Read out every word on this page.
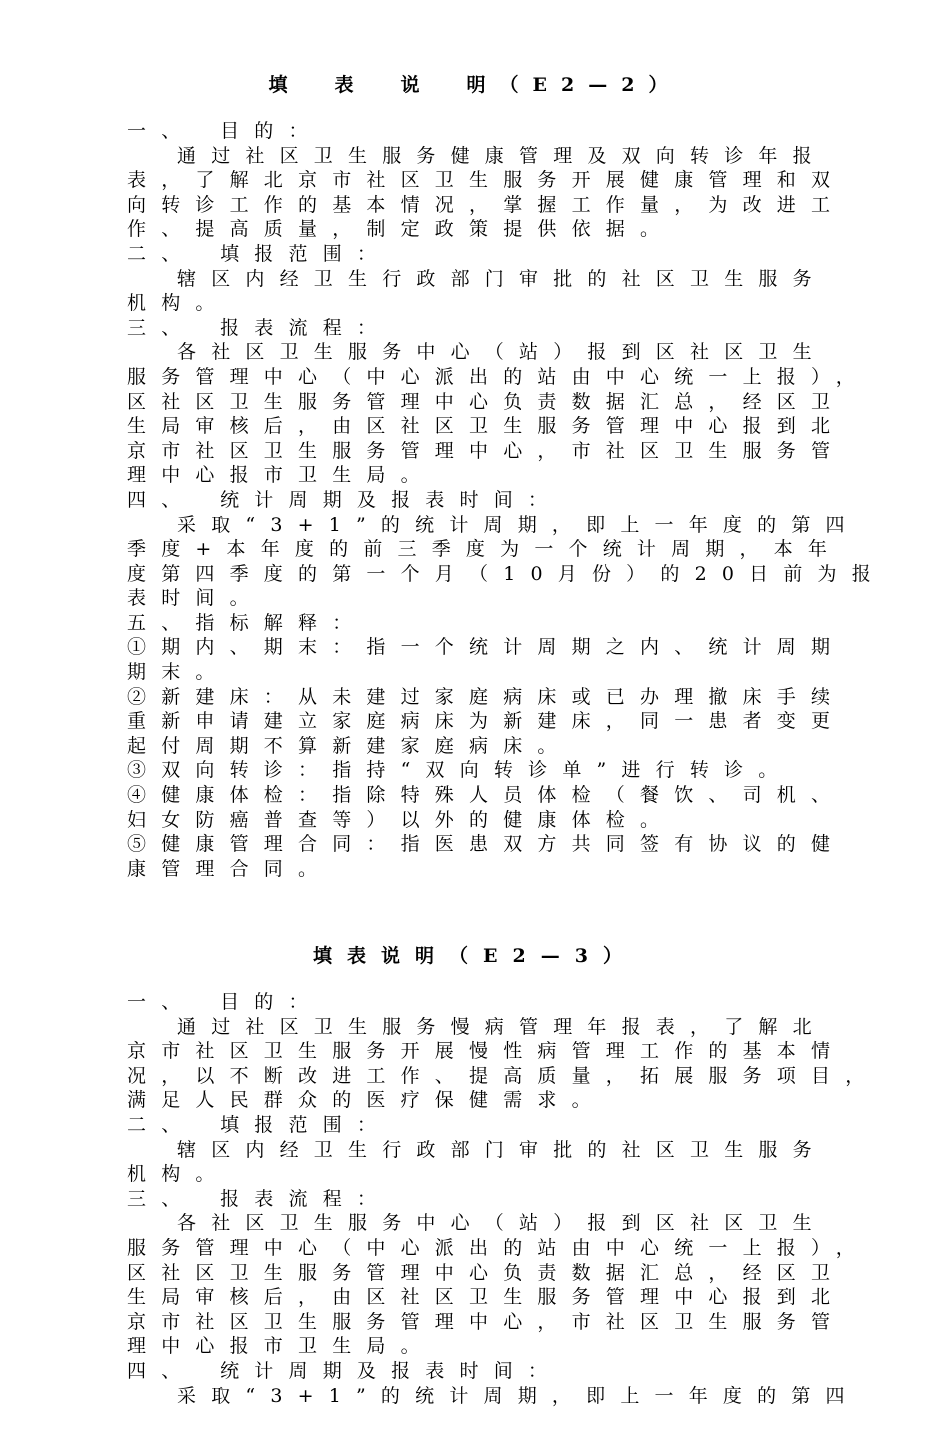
填　表　说　明（E2—2）
一、　目的：
通过社区卫生服务健康管理及双向转诊年报
表，了解北京市社区卫生服务开展健康管理和双
向转诊工作的基本情况，掌握工作量，为改进工
作、提高质量，制定政策提供依据。
二、　填报范围：
辖区内经卫生行政部门审批的社区卫生服务
机构。
三、　报表流程：
各社区卫生服务中心（站）报到区社区卫生
服务管理中心（中心派出的站由中心统一上报），
区社区卫生服务管理中心负责数据汇总，经区卫
生局审核后，由区社区卫生服务管理中心报到北
京市社区卫生服务管理中心，市社区卫生服务管
理中心报市卫生局。
四、　统计周期及报表时间：
采取“3+1”的统计周期，即上一年度的第四
季度+本年度的前三季度为一个统计周期，本年
度第四季度的第一个月（10月份）的20日前为报
表时间。
五、指标解释：
①期内、期末：指一个统计周期之内、统计周期
期末。
②新建床：从未建过家庭病床或已办理撤床手续
重新申请建立家庭病床为新建床，同一患者变更
起付周期不算新建家庭病床。
③双向转诊：指持“双向转诊单”进行转诊。
④健康体检：指除特殊人员体检（餐饮、司机、
妇女防癌普查等）以外的健康体检。
⑤健康管理合同：指医患双方共同签有协议的健
康管理合同。
填表说明（E2—3）
一、　目的：
通过社区卫生服务慢病管理年报表，了解北
京市社区卫生服务开展慢性病管理工作的基本情
况，以不断改进工作、提高质量，拓展服务项目，
满足人民群众的医疗保健需求。
二、　填报范围：
辖区内经卫生行政部门审批的社区卫生服务
机构。
三、　报表流程：
各社区卫生服务中心（站）报到区社区卫生
服务管理中心（中心派出的站由中心统一上报），
区社区卫生服务管理中心负责数据汇总，经区卫
生局审核后，由区社区卫生服务管理中心报到北
京市社区卫生服务管理中心，市社区卫生服务管
理中心报市卫生局。
四、　统计周期及报表时间：
采取“3+1”的统计周期，即上一年度的第四
